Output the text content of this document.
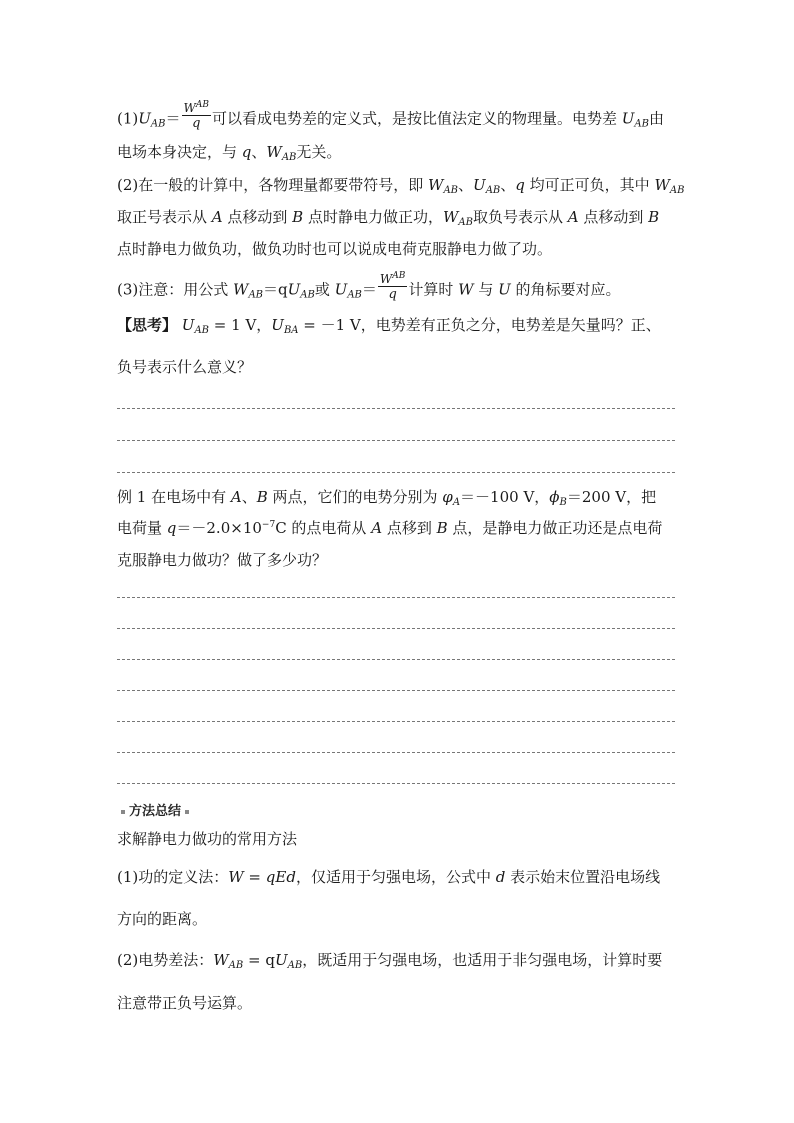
$(1)U_{AB}= \frac{W^{AB}}{q}$ 可以看成电势差的定义式，是按比值法定义的物理量。电势差 $U_{AB}$由
电场本身决定，与 q、$W_{AB}$无关。
(2)在一般的计算中，各物理量都要带符号，即 $W_{AB}$、$U_{AB}$、q 均可正可负，其中 $W_{AB}$
取正号表示从 A 点移动到 B 点时静电力做正功，$W_{AB}$取负号表示从 A 点移动到 B
点时静电力做负功，做负功时也可以说成电荷克服静电力做了功。
(3)注意：用公式 $W_{AB}=qU_{AB}$或 $U_{AB}= \frac{W^{AB}}{q}$ 计算时 W 与 U 的角标要对应。
【思考】 $U_{AB} = 1$ V，$U_{BA} = -1$ V，电势差有正负之分，电势差是矢量吗？正、
负号表示什么意义？
例 1 在电场中有 A、B 两点，它们的电势分别为 $\varphi_A=-100$ V，$\phi_B=200$ V，把
电荷量 $q=-2.0\times 10^{-7}C$ 的点电荷从 A 点移到 B 点，是静电力做正功还是点电荷
克服静电力做功？做了多少功？
方法总结
求解静电力做功的常用方法
(1)功的定义法：W = qEd，仅适用于匀强电场，公式中 d 表示始末位置沿电场线
方向的距离。
(2)电势差法：$W_{AB} = qU_{AB}$，既适用于匀强电场，也适用于非匀强电场，计算时要
注意带正负号运算。
